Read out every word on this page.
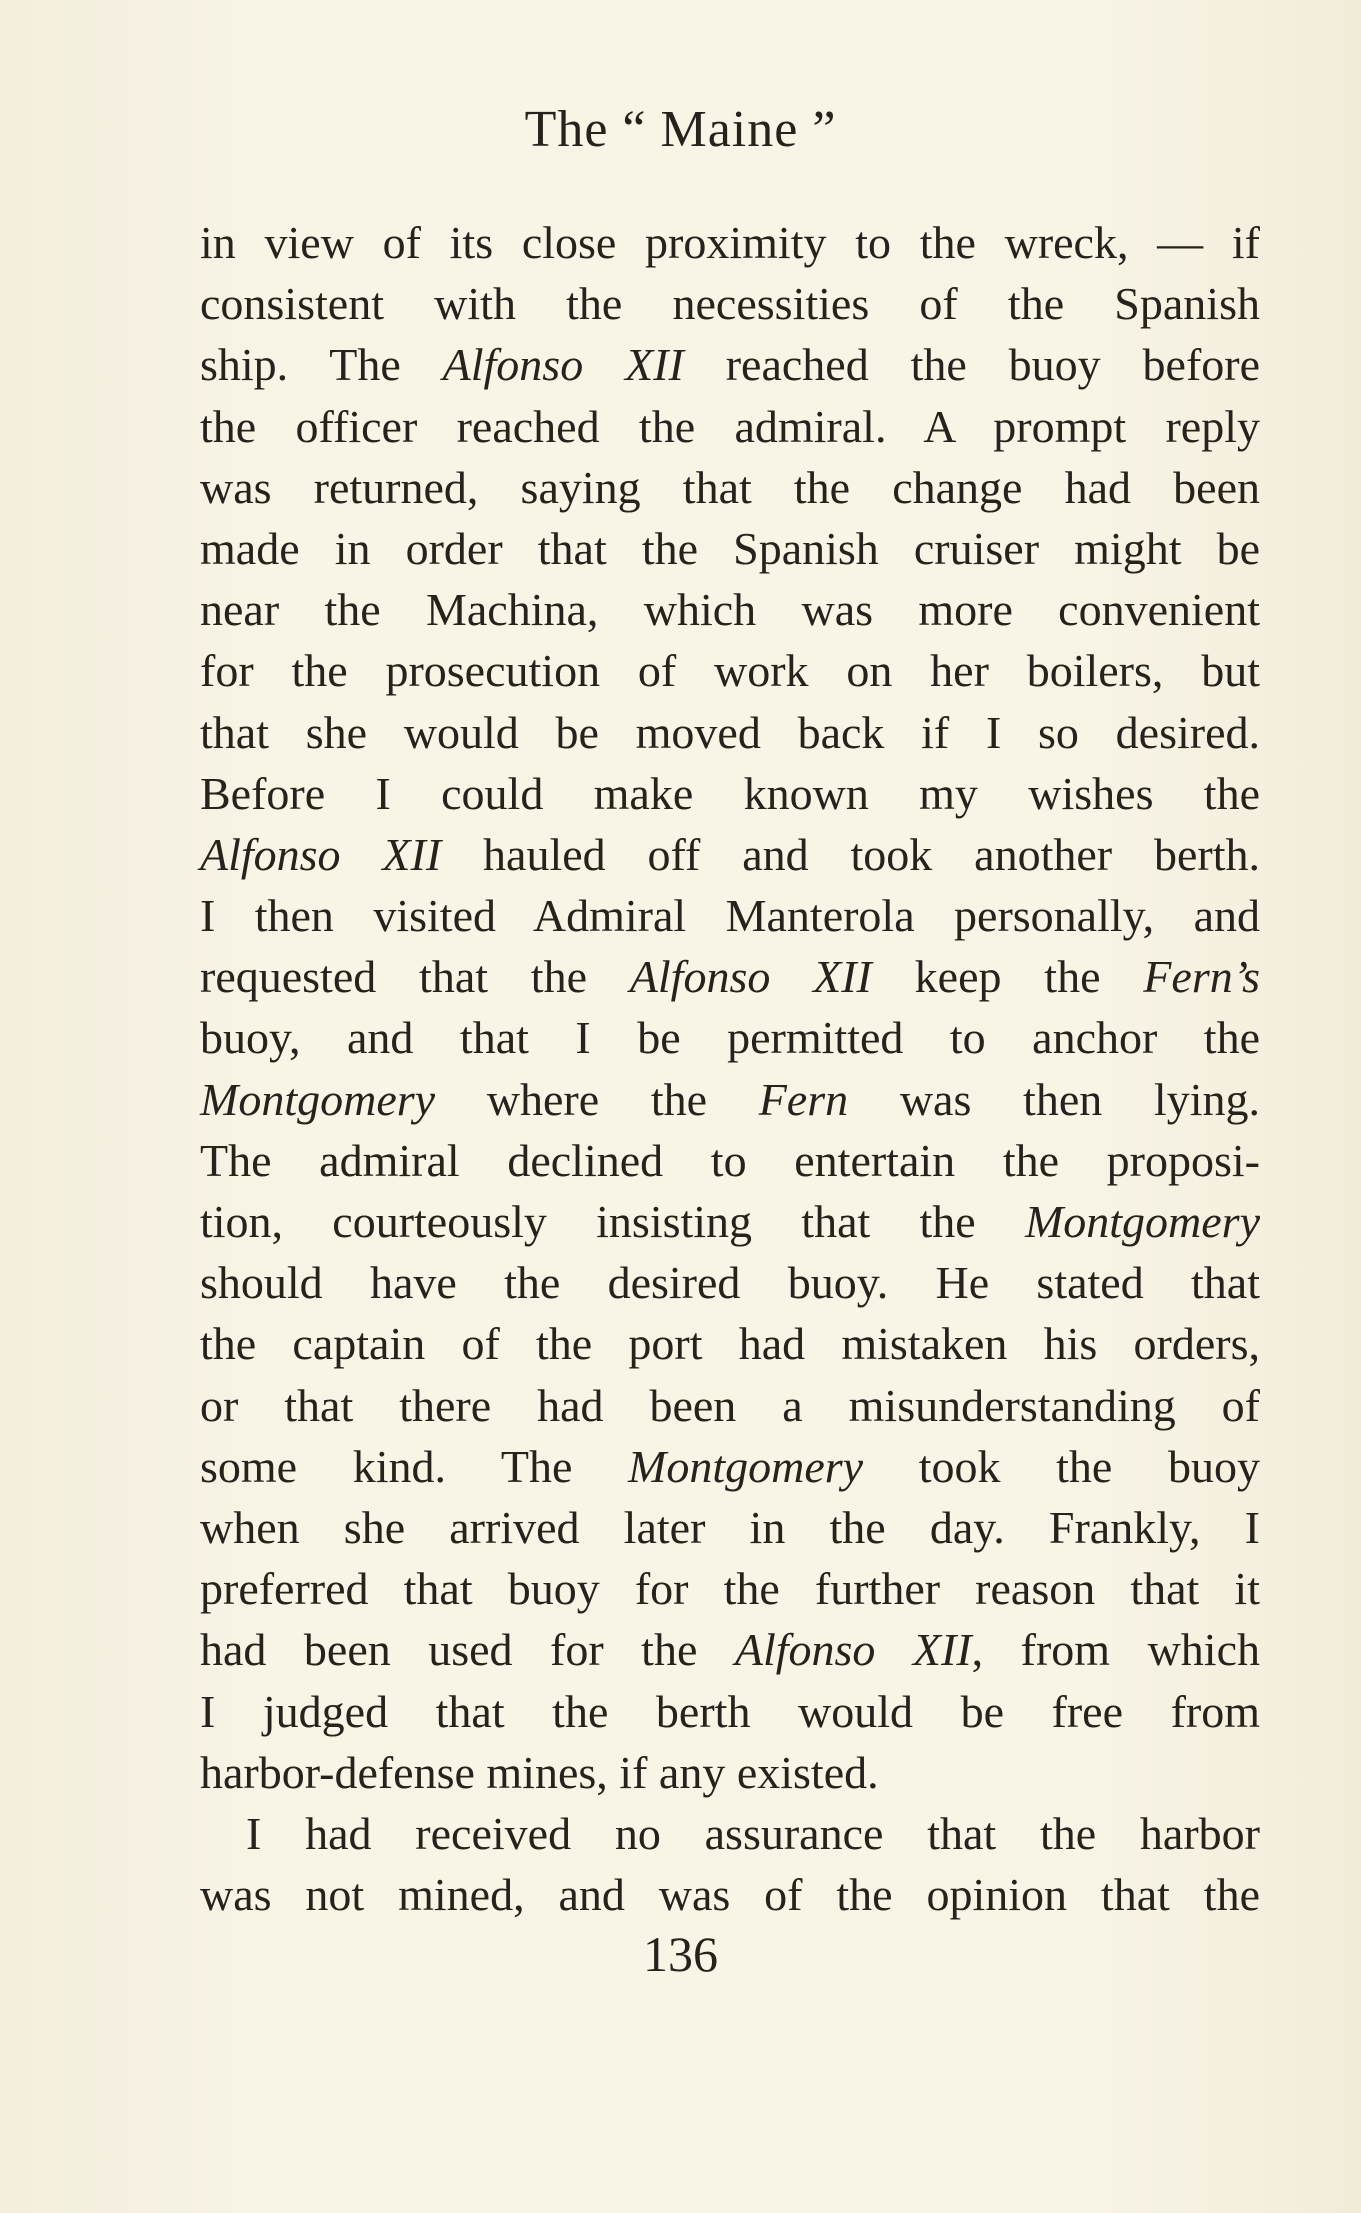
The “ Maine ”
in view of its close proximity to the wreck, — if
consistent with the necessities of the Spanish
ship. The Alfonso XII reached the buoy before
the officer reached the admiral. A prompt reply
was returned, saying that the change had been
made in order that the Spanish cruiser might be
near the Machina, which was more convenient
for the prosecution of work on her boilers, but
that she would be moved back if I so desired.
Before I could make known my wishes the
Alfonso XII hauled off and took another berth.
I then visited Admiral Manterola personally, and
requested that the Alfonso XII keep the Fern’s
buoy, and that I be permitted to anchor the
Montgomery where the Fern was then lying.
The admiral declined to entertain the proposi-
tion, courteously insisting that the Montgomery
should have the desired buoy. He stated that
the captain of the port had mistaken his orders,
or that there had been a misunderstanding of
some kind. The Montgomery took the buoy
when she arrived later in the day. Frankly, I
preferred that buoy for the further reason that it
had been used for the Alfonso XII, from which
I judged that the berth would be free from
harbor-defense mines, if any existed.
I had received no assurance that the harbor
was not mined, and was of the opinion that the
136
